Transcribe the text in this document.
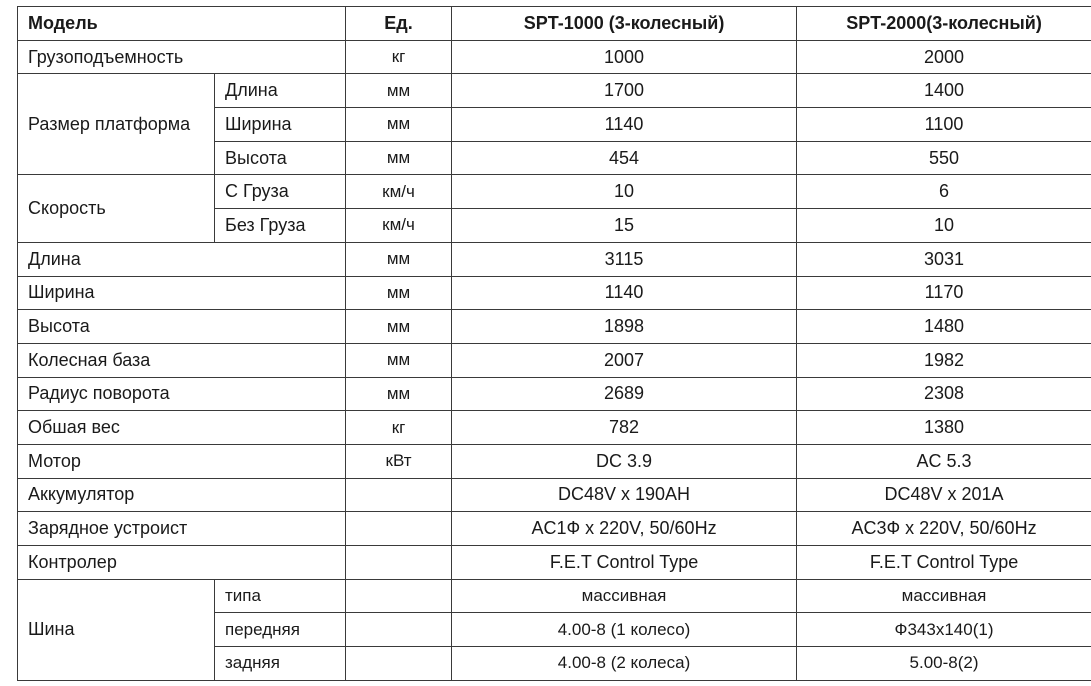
Модель		Ед.	SPT-1000 (3-колесный)	SPT-2000(3-колесный)
Грузоподъемность		кг	1000	2000
Размер платформа	Длина	мм	1700	1400
	Ширина	мм	1140	1100
	Высота	мм	454	550
Скорость	С Груза	км/ч	10	6
	Без Груза	км/ч	15	10
Длина		мм	3115	3031
Ширина		мм	1140	1170
Высота		мм	1898	1480
Колесная база		мм	2007	1982
Радиус поворота		мм	2689	2308
Обшая вес		кг	782	1380
Мотор		кВт	DC 3.9	AC 5.3
Аккумулятор			DC48V x 190AH	DC48V x 201A
Зарядное устроист			AC1Ф x 220V, 50/60Hz	AC3Ф x 220V, 50/60Hz
Контролер			F.E.T Control Type	F.E.T Control Type
Шина	типа		массивная	массивная
	передняя		4.00-8 (1 колесо)	Ф343x140(1)
	задняя		4.00-8 (2 колеса)	5.00-8(2)
